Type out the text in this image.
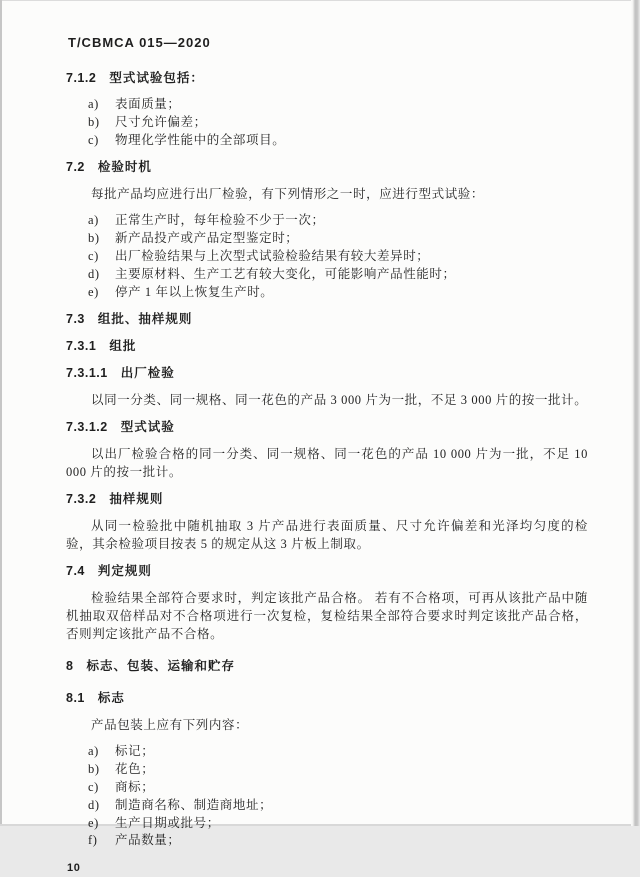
T/CBMCA 015—2020
7.1.2 型式试验包括：
a)	表面质量；
b)	尺寸允许偏差；
c)	物理化学性能中的全部项目。
7.2 检验时机
每批产品均应进行出厂检验，有下列情形之一时，应进行型式试验：
a)	正常生产时，每年检验不少于一次；
b)	新产品投产或产品定型鉴定时；
c)	出厂检验结果与上次型式试验检验结果有较大差异时；
d)	主要原材料、生产工艺有较大变化，可能影响产品性能时；
e)	停产 1 年以上恢复生产时。
7.3 组批、抽样规则
7.3.1 组批
7.3.1.1 出厂检验
以同一分类、同一规格、同一花色的产品 3 000 片为一批，不足 3 000 片的按一批计。
7.3.1.2 型式试验
以出厂检验合格的同一分类、同一规格、同一花色的产品 10 000 片为一批，不足 10 000 片的按一批计。
7.3.2 抽样规则
从同一检验批中随机抽取 3 片产品进行表面质量、尺寸允许偏差和光泽均匀度的检验，其余检验项目按表 5 的规定从这 3 片板上制取。
7.4 判定规则
检验结果全部符合要求时，判定该批产品合格。 若有不合格项，可再从该批产品中随机抽取双倍样品对不合格项进行一次复检，复检结果全部符合要求时判定该批产品合格，否则判定该批产品不合格。
8 标志、包装、运输和贮存
8.1 标志
产品包装上应有下列内容：
a)	标记；
b)	花色；
c)	商标；
d)	制造商名称、制造商地址；
e)	生产日期或批号；
f)	产品数量；
10
